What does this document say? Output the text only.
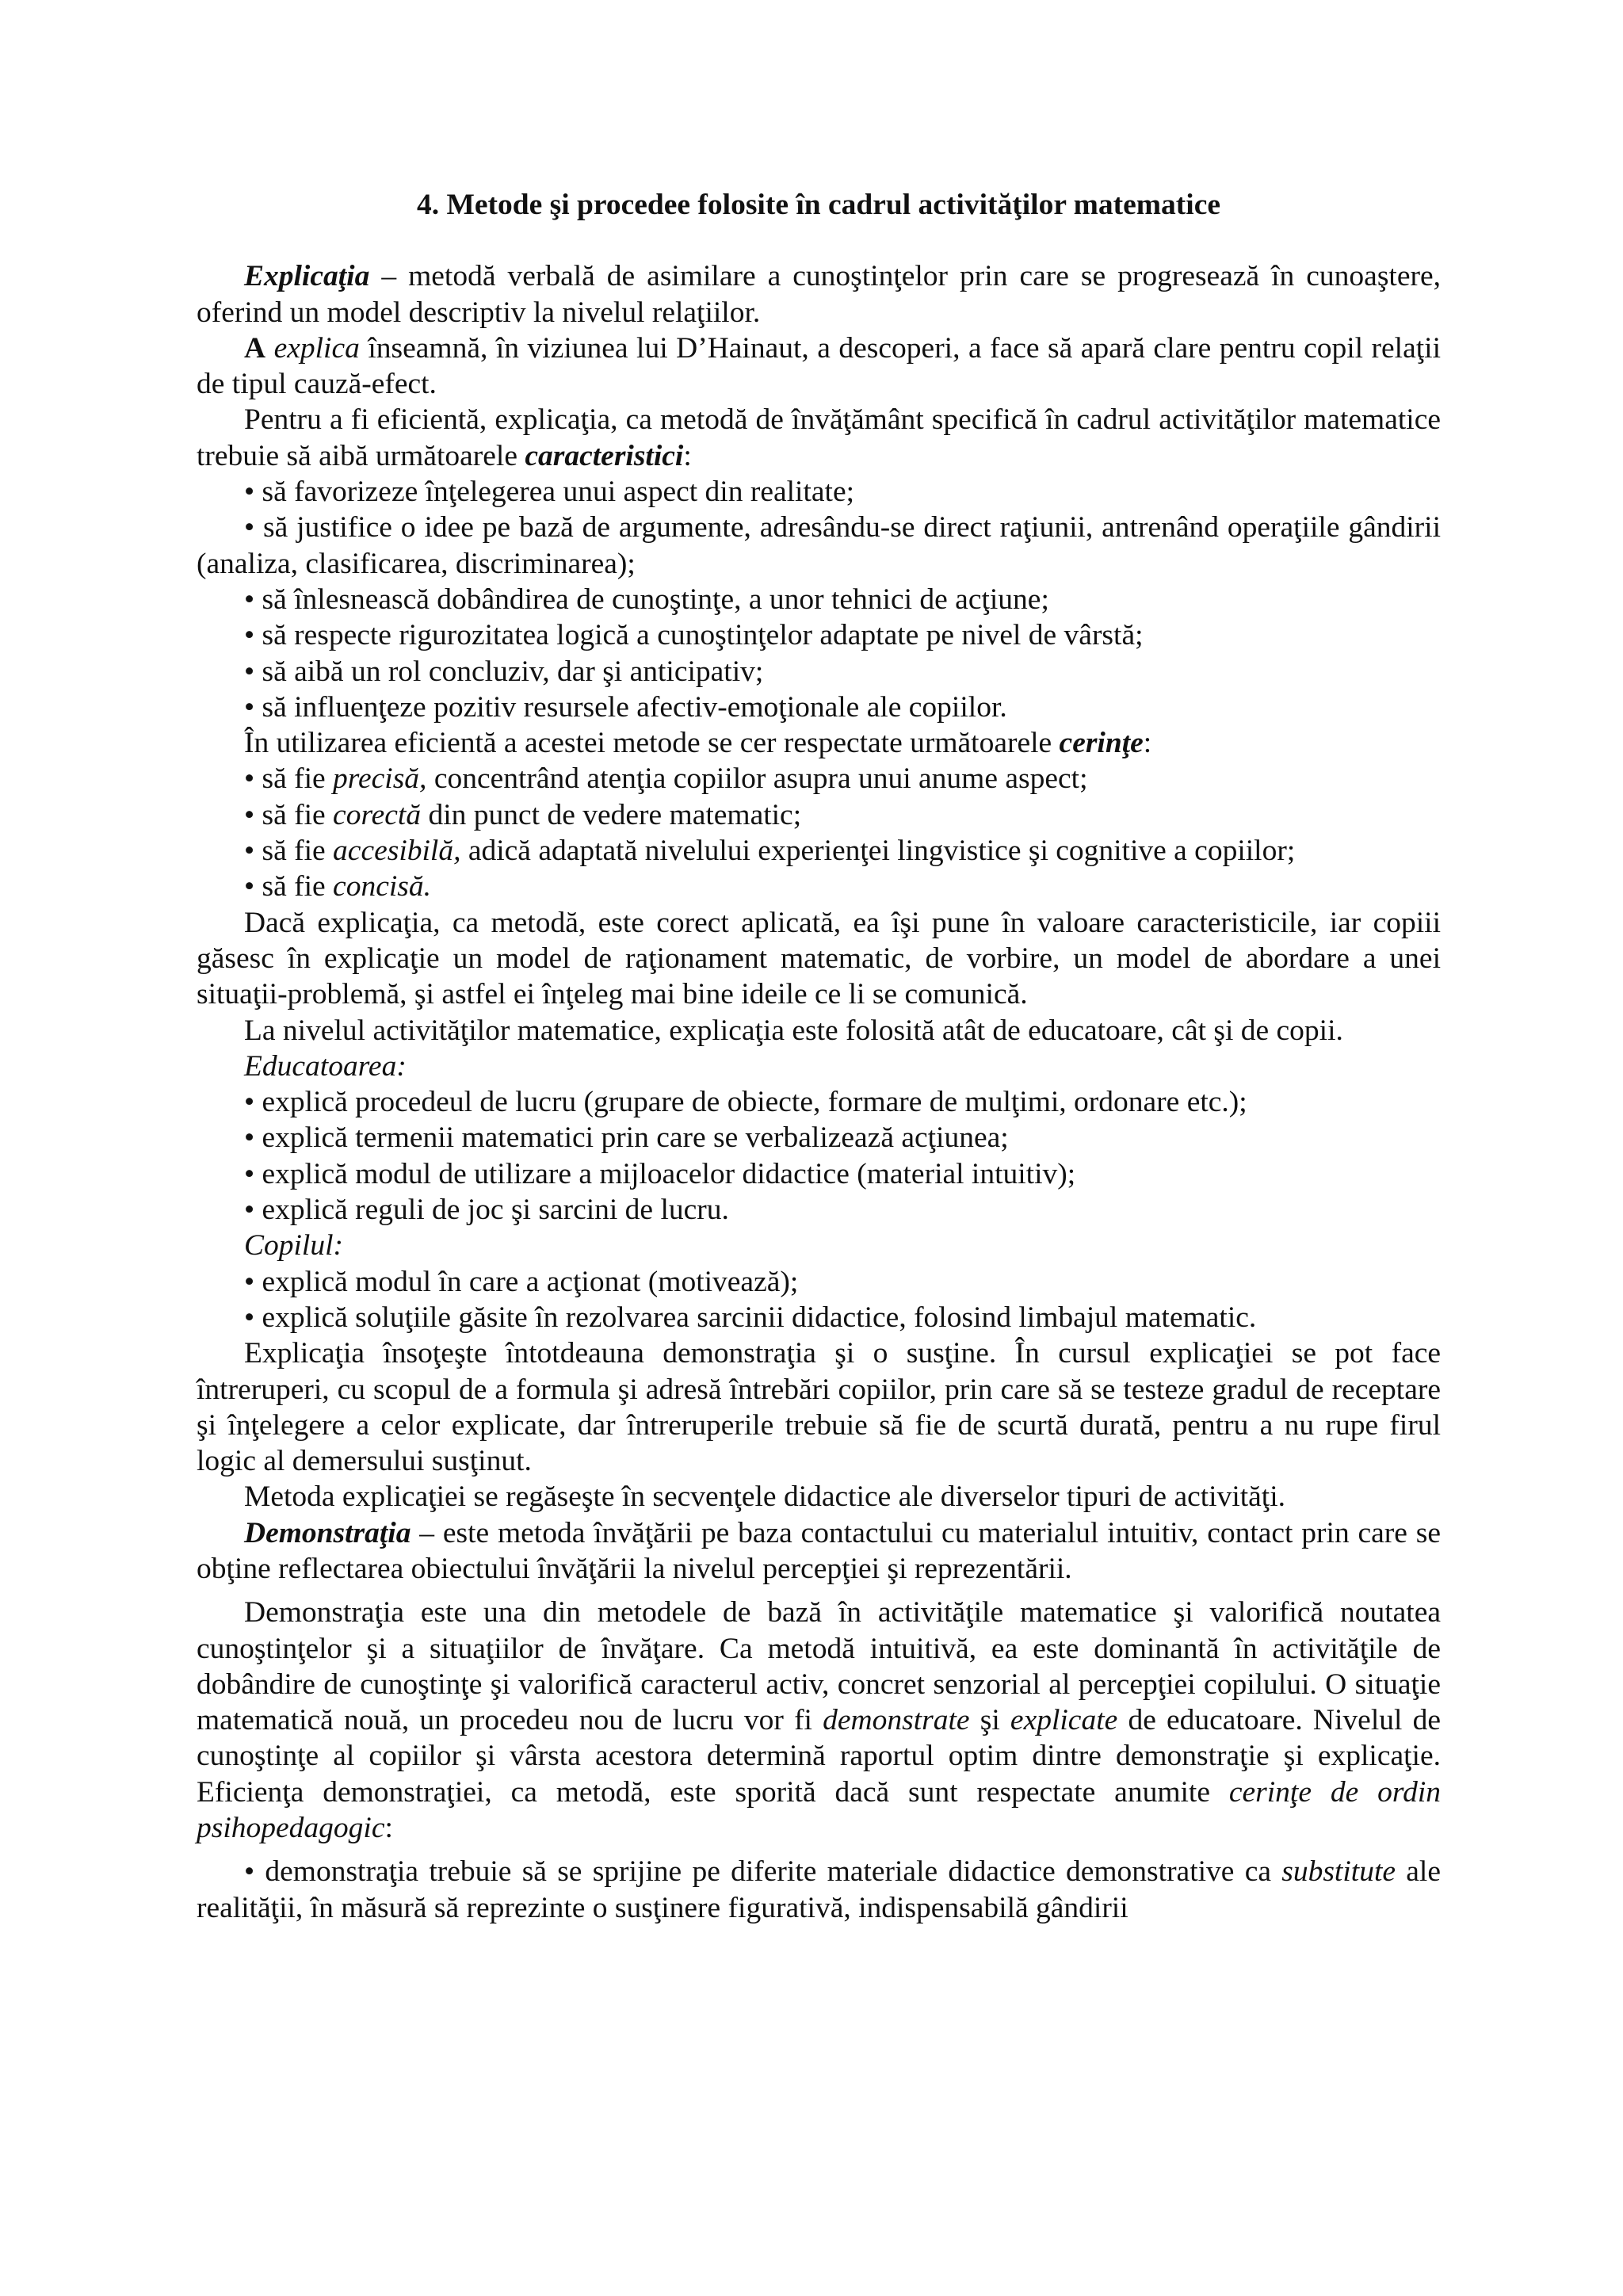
4. Metode şi procedee folosite în cadrul activităţilor matematice

Explicaţia – metodă verbală de asimilare a cunoştinţelor prin care se progresează în cunoaştere, oferind un model descriptiv la nivelul relaţiilor.

A explica înseamnă, în viziunea lui D’Hainaut, a descoperi, a face să apară clare pentru copil relaţii de tipul cauză-efect.

Pentru a fi eficientă, explicaţia, ca metodă de învăţământ specifică în cadrul activităţilor matematice trebuie să aibă următoarele caracteristici:

• să favorizeze înţelegerea unui aspect din realitate;

• să justifice o idee pe bază de argumente, adresându-se direct raţiunii, antrenând operaţiile gândirii (analiza, clasificarea, discriminarea);

• să înlesnească dobândirea de cunoştinţe, a unor tehnici de acţiune;

• să respecte rigurozitatea logică a cunoştinţelor adaptate pe nivel de vârstă;

• să aibă un rol concluziv, dar şi anticipativ;

• să influenţeze pozitiv resursele afectiv-emoţionale ale copiilor.

În utilizarea eficientă a acestei metode se cer respectate următoarele cerinţe:

• să fie precisă, concentrând atenţia copiilor asupra unui anume aspect;

• să fie corectă din punct de vedere matematic;

• să fie accesibilă, adică adaptată nivelului experienţei lingvistice şi cognitive a copiilor;

• să fie concisă.

Dacă explicaţia, ca metodă, este corect aplicată, ea îşi pune în valoare caracteristicile, iar copiii găsesc în explicaţie un model de raţionament matematic, de vorbire, un model de abordare a unei situaţii-problemă, şi astfel ei înţeleg mai bine ideile ce li se comunică.

La nivelul activităţilor matematice, explicaţia este folosită atât de educatoare, cât şi de copii.

Educatoarea:

• explică procedeul de lucru (grupare de obiecte, formare de mulţimi, ordonare etc.);

• explică termenii matematici prin care se verbalizează acţiunea;

• explică modul de utilizare a mijloacelor didactice (material intuitiv);

• explică reguli de joc şi sarcini de lucru.

Copilul:

• explică modul în care a acţionat (motivează);

• explică soluţiile găsite în rezolvarea sarcinii didactice, folosind limbajul matematic.

Explicaţia însoţeşte întotdeauna demonstraţia şi o susţine. În cursul explicaţiei se pot face întreruperi, cu scopul de a formula şi adresă întrebări copiilor, prin care să se testeze gradul de receptare şi înţelegere a celor explicate, dar întreruperile trebuie să fie de scurtă durată, pentru a nu rupe firul logic al demersului susţinut.

Metoda explicaţiei se regăseşte în secvenţele didactice ale diverselor tipuri de activităţi.

Demonstraţia – este metoda învăţării pe baza contactului cu materialul intuitiv, contact prin care se obţine reflectarea obiectului învăţării la nivelul percepţiei şi reprezentării.

Demonstraţia este una din metodele de bază în activităţile matematice şi valorifică noutatea cunoştinţelor şi a situaţiilor de învăţare. Ca metodă intuitivă, ea este dominantă în activităţile de dobândire de cunoştinţe şi valorifică caracterul activ, concret senzorial al percepţiei copilului. O situaţie matematică nouă, un procedeu nou de lucru vor fi demonstrate şi explicate de educatoare. Nivelul de cunoştinţe al copiilor şi vârsta acestora determină raportul optim dintre demonstraţie şi explicaţie. Eficienţa demonstraţiei, ca metodă, este sporită dacă sunt respectate anumite cerinţe de ordin psihopedagogic:

• demonstraţia trebuie să se sprijine pe diferite materiale didactice demonstrative ca substitute ale realităţii, în măsură să reprezinte o susţinere figurativă, indispensabilă gândirii
